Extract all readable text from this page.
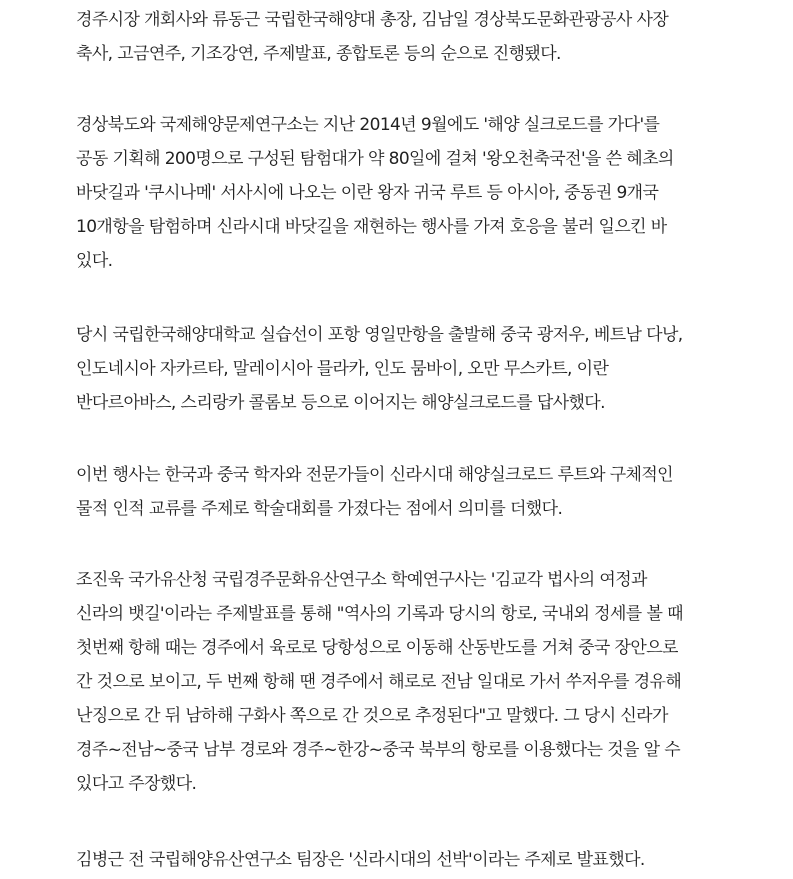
경주시장 개회사와 류동근 국립한국해양대 총장, 김남일 경상북도문화관광공사 사장

축사, 고금연주, 기조강연, 주제발표, 종합토론 등의 순으로 진행됐다.

경상북도와 국제해양문제연구소는 지난 2014년 9월에도 '해양 실크로드를 가다'를

공동 기획해 200명으로 구성된 탐험대가 약 80일에 걸쳐 '왕오천축국전'을 쓴 혜초의

바닷길과 '쿠시나메' 서사시에 나오는 이란 왕자 귀국 루트 등 아시아, 중동권 9개국

10개항을 탐험하며 신라시대 바닷길을 재현하는 행사를 가져 호응을 불러 일으킨 바

있다.

당시 국립한국해양대학교 실습선이 포항 영일만항을 출발해 중국 광저우, 베트남 다낭,

인도네시아 자카르타, 말레이시아 믈라카, 인도 뭄바이, 오만 무스카트, 이란

반다르아바스, 스리랑카 콜롬보 등으로 이어지는 해양실크로드를 답사했다.

이번 행사는 한국과 중국 학자와 전문가들이 신라시대 해양실크로드 루트와 구체적인

물적 인적 교류를 주제로 학술대회를 가졌다는 점에서 의미를 더했다.

조진욱 국가유산청 국립경주문화유산연구소 학예연구사는 '김교각 법사의 여정과

신라의 뱃길'이라는 주제발표를 통해 "역사의 기록과 당시의 항로, 국내외 정세를 볼 때

첫번째 항해 때는 경주에서 육로로 당항성으로 이동해 산동반도를 거쳐 중국 장안으로

간 것으로 보이고, 두 번째 항해 땐 경주에서 해로로 전남 일대로 가서 쑤저우를 경유해

난징으로 간 뒤 남하해 구화사 쪽으로 간 것으로 추정된다"고 말했다. 그 당시 신라가

경주~전남~중국 남부 경로와 경주~한강~중국 북부의 항로를 이용했다는 것을 알 수

있다고 주장했다.

김병근 전 국립해양유산연구소 팀장은 '신라시대의 선박'이라는 주제로 발표했다.
